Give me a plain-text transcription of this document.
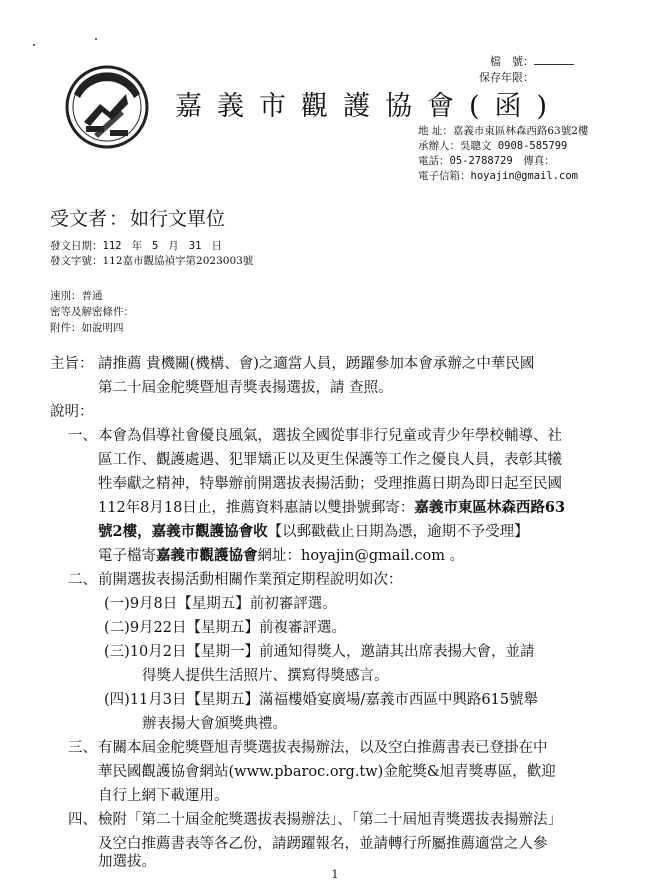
檔　號：
保存年限：
嘉義市觀護協會(函)
地 址：嘉義市東區林森西路63號2樓
承辦人：吳聰文 0908-585799
電話：05-2788729　 傳真：
電子信箱：hoyajin@gmail.com
受文者 ： 如行文單位
發文日期：112 年 5 月 31 日
發文字號：112嘉市觀協禎字第2023003號
速別：普通
密等及解密條件：
附件：如說明四
主旨： 請推薦 貴機關(機構、會)之適當人員，踴躍參加本會承辦之中華民國
第二十屆金舵獎暨旭青獎表揚選拔，請 查照。
說明：
一、 本會為倡導社會優良風氣，選拔全國從事非行兒童或青少年學校輔導、社
區工作、觀護處遇、犯罪矯正以及更生保護等工作之優良人員，表彰其犧
牲奉獻之精神，特舉辦前開選拔表揚活動；受理推薦日期為即日起至民國
112年8月18日止，推薦資料惠請以雙掛號郵寄：嘉義市東區林森西路63
號2樓，嘉義市觀護協會收【以郵戳截止日期為憑，逾期不予受理】
電子檔寄嘉義市觀護協會網址：hoyajin@gmail.com 。
二、 前開選拔表揚活動相關作業預定期程說明如次：
(一)9月8日【星期五】前初審評選。
(二)9月22日【星期五】前複審評選。
(三)10月2日【星期一】前通知得獎人，邀請其出席表揚大會，並請
得獎人提供生活照片、撰寫得獎感言。
(四)11月3日【星期五】滿福樓婚宴廣場/嘉義市西區中興路615號舉
辦表揚大會頒獎典禮。
三、 有關本屆金舵獎暨旭青獎選拔表揚辦法，以及空白推薦書表已登掛在中
華民國觀護協會網站(www.pbaroc.org.tw)金舵獎&旭青獎專區，歡迎
自行上網下載運用。
四、 檢附「第二十屆金舵獎選拔表揚辦法」、「第二十屆旭青獎選拔表揚辦法」
及空白推薦書表等各乙份，請踴躍報名，並請轉行所屬推薦適當之人參
加選拔。
1
